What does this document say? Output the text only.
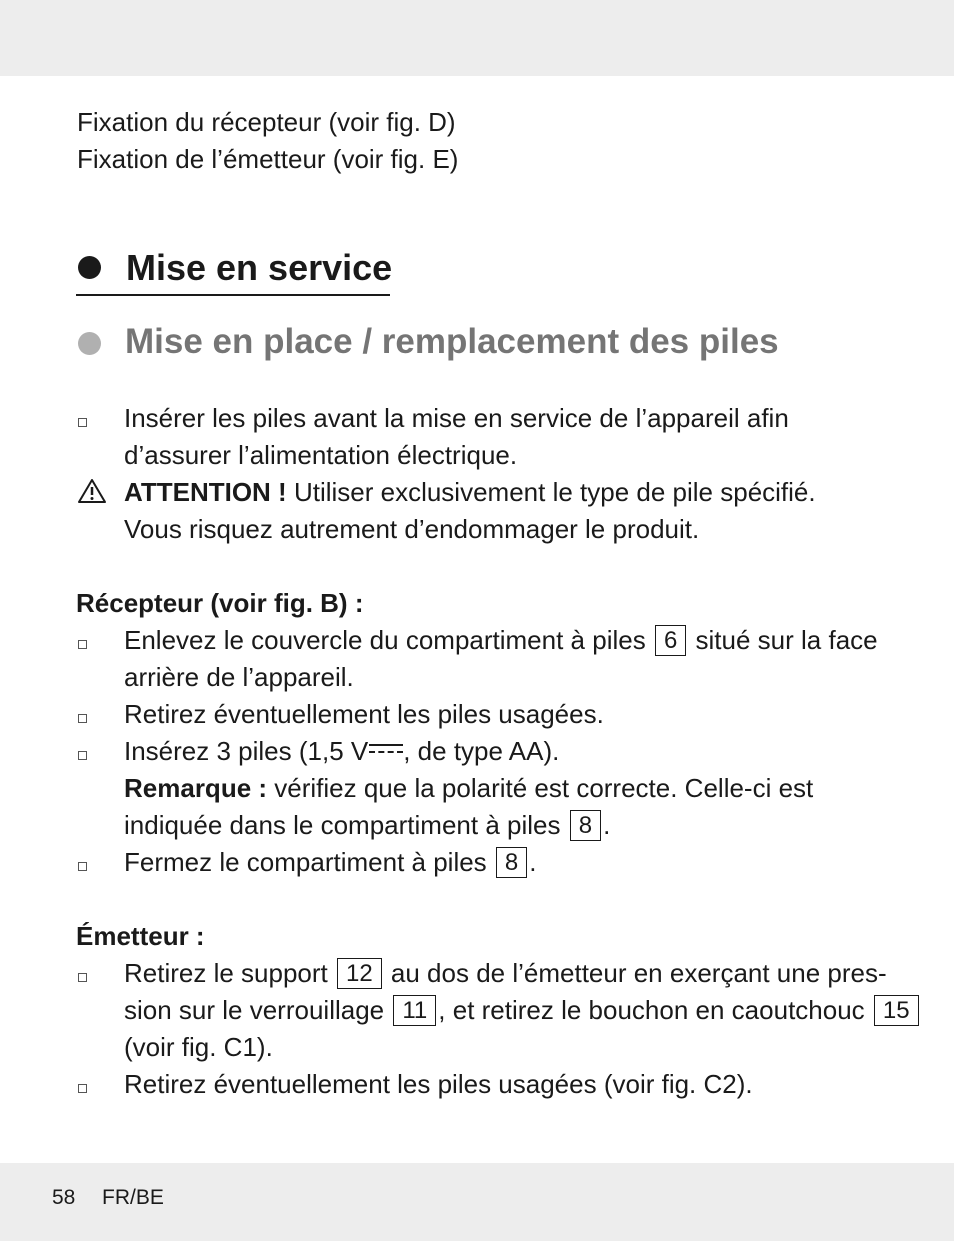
Fixation du récepteur (voir fig. D)
Fixation de l’émetteur (voir fig. E)
Mise en service
Mise en place / remplacement des piles
Insérer les piles avant la mise en service de l’appareil afin
d’assurer l’alimentation électrique.
ATTENTION ! Utiliser exclusivement le type de pile spécifié.
Vous risquez autrement d’endommager le produit.
Récepteur (voir fig. B) :
Enlevez le couvercle du compartiment à piles 6 situé sur la face
arrière de l’appareil.
Retirez éventuellement les piles usagées.
Insérez 3 piles (1,5 V , de type AA).
Remarque : vérifiez que la polarité est correcte. Celle-ci est
indiquée dans le compartiment à piles 8 .
Fermez le compartiment à piles 8 .
Émetteur :
Retirez le support 12 au dos de l’émetteur en exerçant une pres-
sion sur le verrouillage 11 , et retirez le bouchon en caoutchouc 15
(voir fig. C1).
Retirez éventuellement les piles usagées (voir fig. C2).
58 FR/BE
